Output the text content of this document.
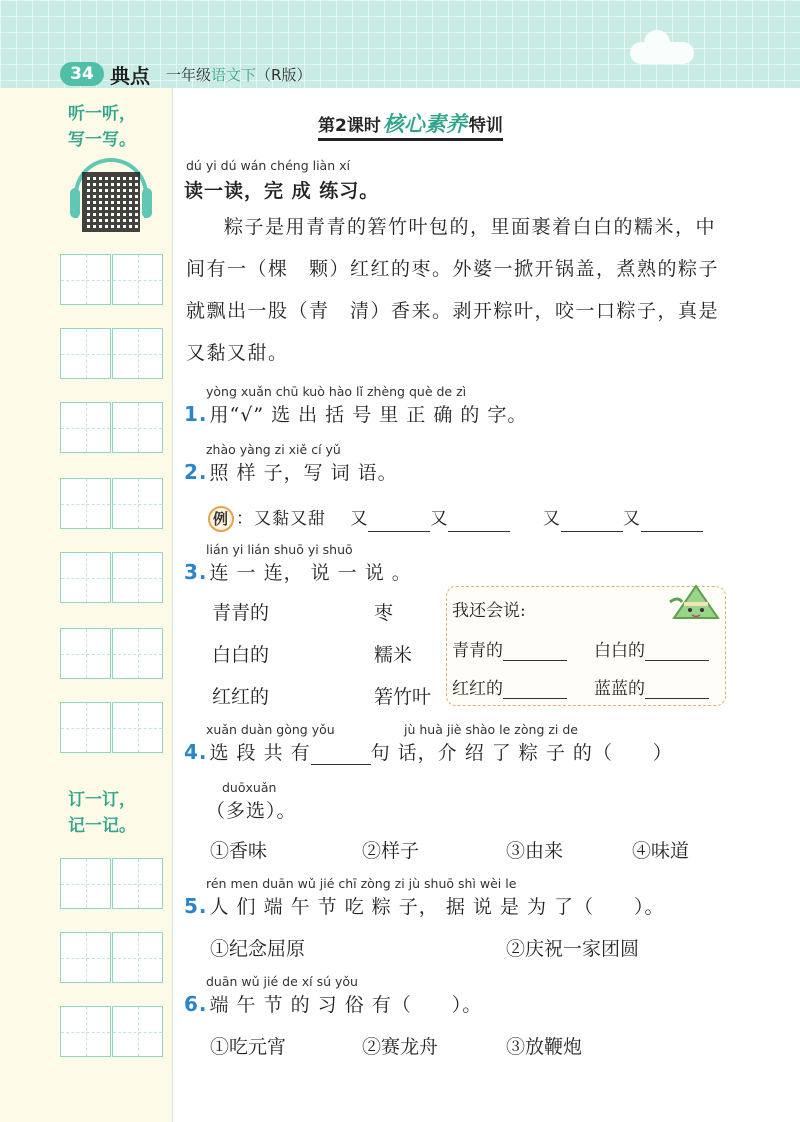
34 典点 一年级语文下（R版）
听一听，
写一写。
订一订，
记一记。
第2课时核心素养 特训
dú yi dú wán chéng liàn xí
读一读，完 成 练习。
粽子是用青青的箬竹叶包的，里面裹着白白的糯米，中
间有一（棵　颗）红红的枣。外婆一掀开锅盖，煮熟的粽子
就飘出一股（青　清）香来。剥开粽叶，咬一口粽子，真是
又黏又甜。
yòng xuǎn chū kuò hào lǐ zhèng què de zì
1. 用“√” 选 出 括 号 里 正 确 的 字。
zhào yàng zi xiě cí yǔ
2. 照 样 子，写 词 语。
例 ：又黏又甜 又	又	又	又
lián yi lián shuō yi shuō
3. 连 一 连， 说 一 说 。
青青的
白白的
红红的
枣
糯米
箬竹叶
我还会说:
青青的	白白的
红红的	蓝蓝的
xuǎn duàn gòng yǒu	jù huà jiè shào le zòng zi de
4. 选 段 共 有	句 话，介 绍 了 粽 子 的（　　）
duōxuǎn
（多选）。
①香味	②样子	③由来	④味道
rén men duān wǔ jié chī zòng zi jù shuō shì wèi le
5. 人 们 端 午 节 吃 粽 子， 据 说 是 为 了（　　）。
①纪念屈原	②庆祝一家团圆
duān wǔ jié de xí sú yǒu
6. 端 午 节 的 习 俗 有（　　）。
①吃元宵	②赛龙舟	③放鞭炮
